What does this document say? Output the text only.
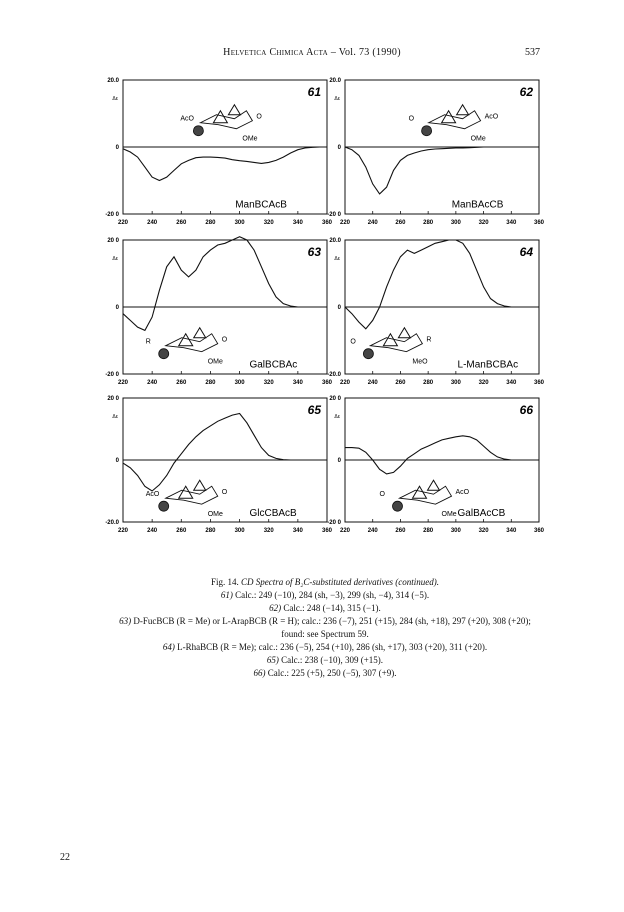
Helvetica Chimica Acta – Vol. 73 (1990)	537
220	240	260	280	300	320	340	360
20.0
0
-20 0
Δε	61
ManBCAcB
AcO	O
OMe
220	240	260	280	300	320	340	360
20.0
0
-20 0
Δε	62
ManBAcCB
O	AcO
OMe
220	240	260	280	300	320	340	360
20 0
0
-20 0
Δε	63
GalBCBAc
R	O
OMe
220	240	260	280	300	320	340	360
20.0
0
-20.0
Δε	64
L-ManBCBAc
O	R
MeO
220	240	260	280	300	320	340	360
20 0
0
-20.0
Δε	65
GlcCBAcB
AcO	O
OMe
220	240	260	280	300	320	340	360
20 0
0
-20 0
Δε	66
GalBAcCB
O	AcO
OMe
Fig. 14. CD Spectra of B₂C-substituted derivatives (continued).
61) Calc.: 249 (−10), 284 (sh, −3), 299 (sh, −4), 314 (−5).
62) Calc.: 248 (−14), 315 (−1).
63) D-FucBCB (R = Me) or L-AraρBCB (R = H); calc.: 236 (−7), 251 (+15), 284 (sh, +18), 297 (+20), 308 (+20);
found: see Spectrum 59.
64) L-RhaBCB (R = Me); calc.: 236 (−5), 254 (+10), 286 (sh, +17), 303 (+20), 311 (+20).
65) Calc.: 238 (−10), 309 (+15).
66) Calc.: 225 (+5), 250 (−5), 307 (+9).
22
